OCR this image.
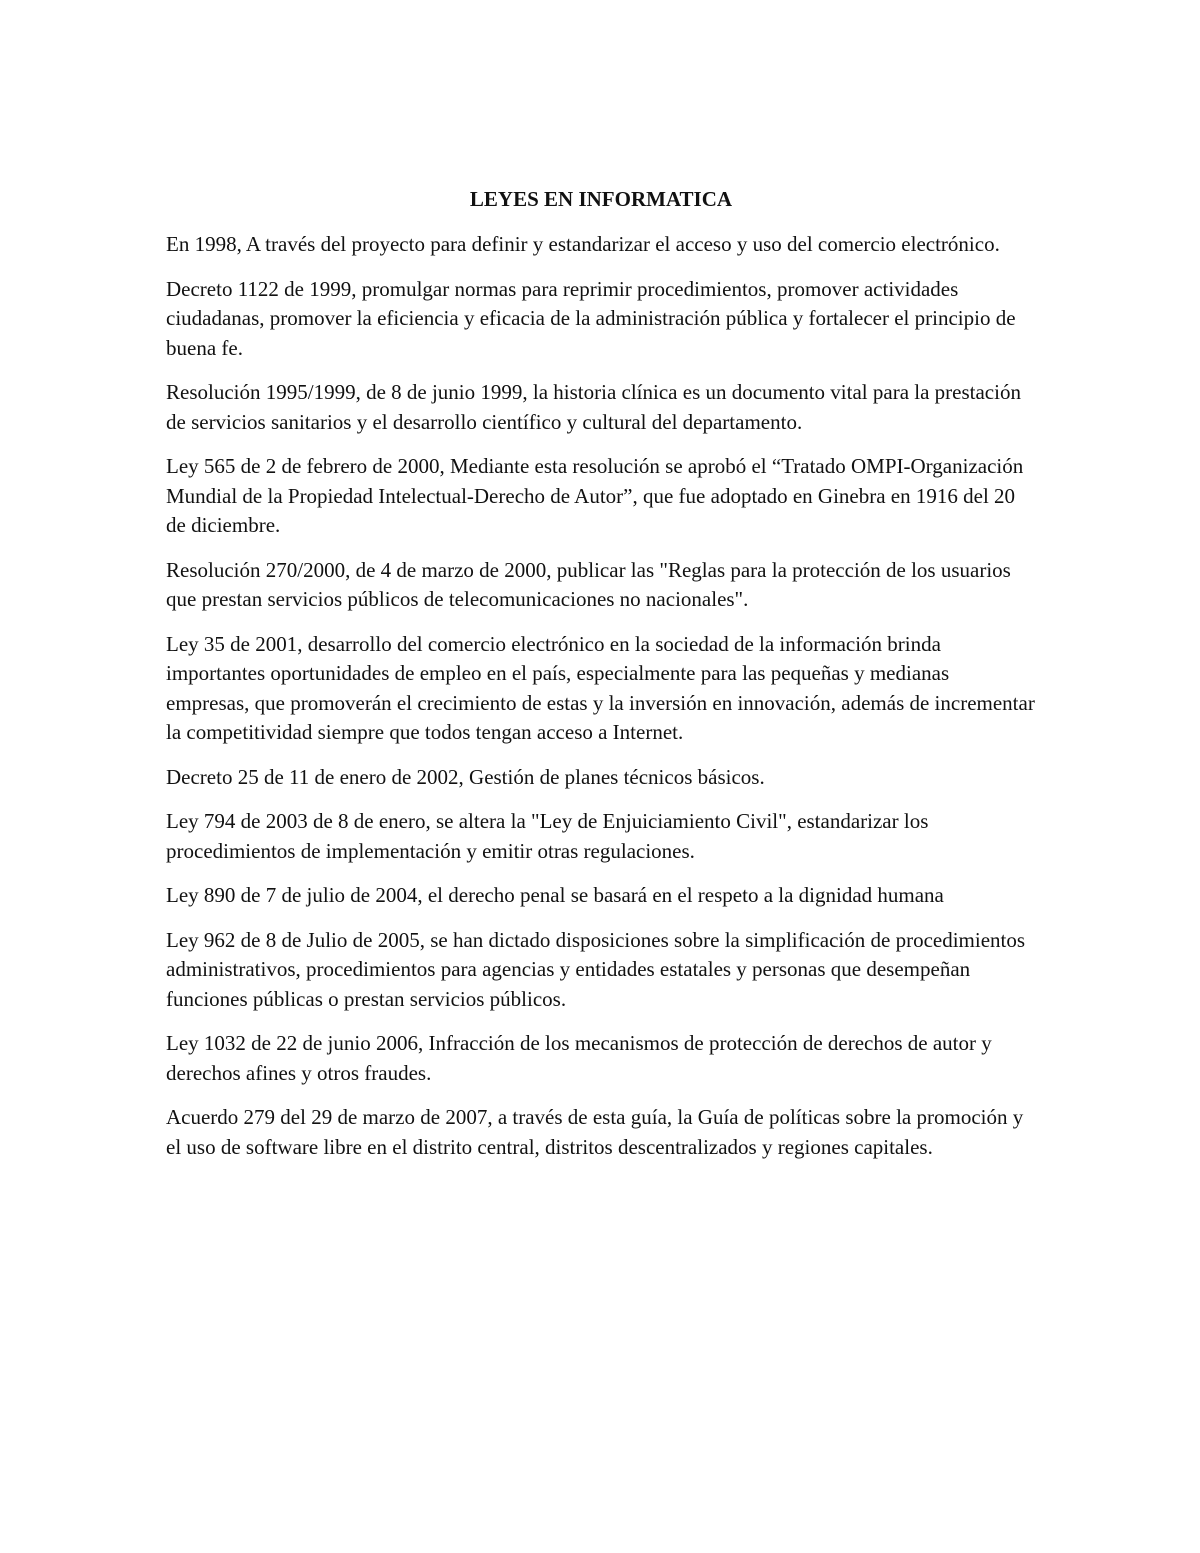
LEYES EN INFORMATICA

En 1998, A través del proyecto para definir y estandarizar el acceso y uso del comercio electrónico.

Decreto 1122 de 1999, promulgar normas para reprimir procedimientos, promover actividades ciudadanas, promover la eficiencia y eficacia de la administración pública y fortalecer el principio de buena fe.

Resolución 1995/1999, de 8 de junio 1999, la historia clínica es un documento vital para la prestación de servicios sanitarios y el desarrollo científico y cultural del departamento.

Ley 565 de 2 de febrero de 2000, Mediante esta resolución se aprobó el “Tratado OMPI-Organización Mundial de la Propiedad Intelectual-Derecho de Autor”, que fue adoptado en Ginebra en 1916 del 20 de diciembre.

Resolución 270/2000, de 4 de marzo de 2000, publicar las "Reglas para la protección de los usuarios que prestan servicios públicos de telecomunicaciones no nacionales".

Ley 35 de 2001, desarrollo del comercio electrónico en la sociedad de la información brinda importantes oportunidades de empleo en el país, especialmente para las pequeñas y medianas empresas, que promoverán el crecimiento de estas y la inversión en innovación, además de incrementar la competitividad siempre que todos tengan acceso a Internet.

Decreto 25 de 11 de enero de 2002, Gestión de planes técnicos básicos.

Ley 794 de 2003 de 8 de enero, se altera la "Ley de Enjuiciamiento Civil", estandarizar los procedimientos de implementación y emitir otras regulaciones.

Ley 890 de 7 de julio de 2004, el derecho penal se basará en el respeto a la dignidad humana

Ley 962 de 8 de Julio de 2005, se han dictado disposiciones sobre la simplificación de procedimientos administrativos, procedimientos para agencias y entidades estatales y personas que desempeñan funciones públicas o prestan servicios públicos.

Ley 1032 de 22 de junio 2006, Infracción de los mecanismos de protección de derechos de autor y derechos afines y otros fraudes.

Acuerdo 279 del 29 de marzo de 2007, a través de esta guía, la Guía de políticas sobre la promoción y el uso de software libre en el distrito central, distritos descentralizados y regiones capitales.
